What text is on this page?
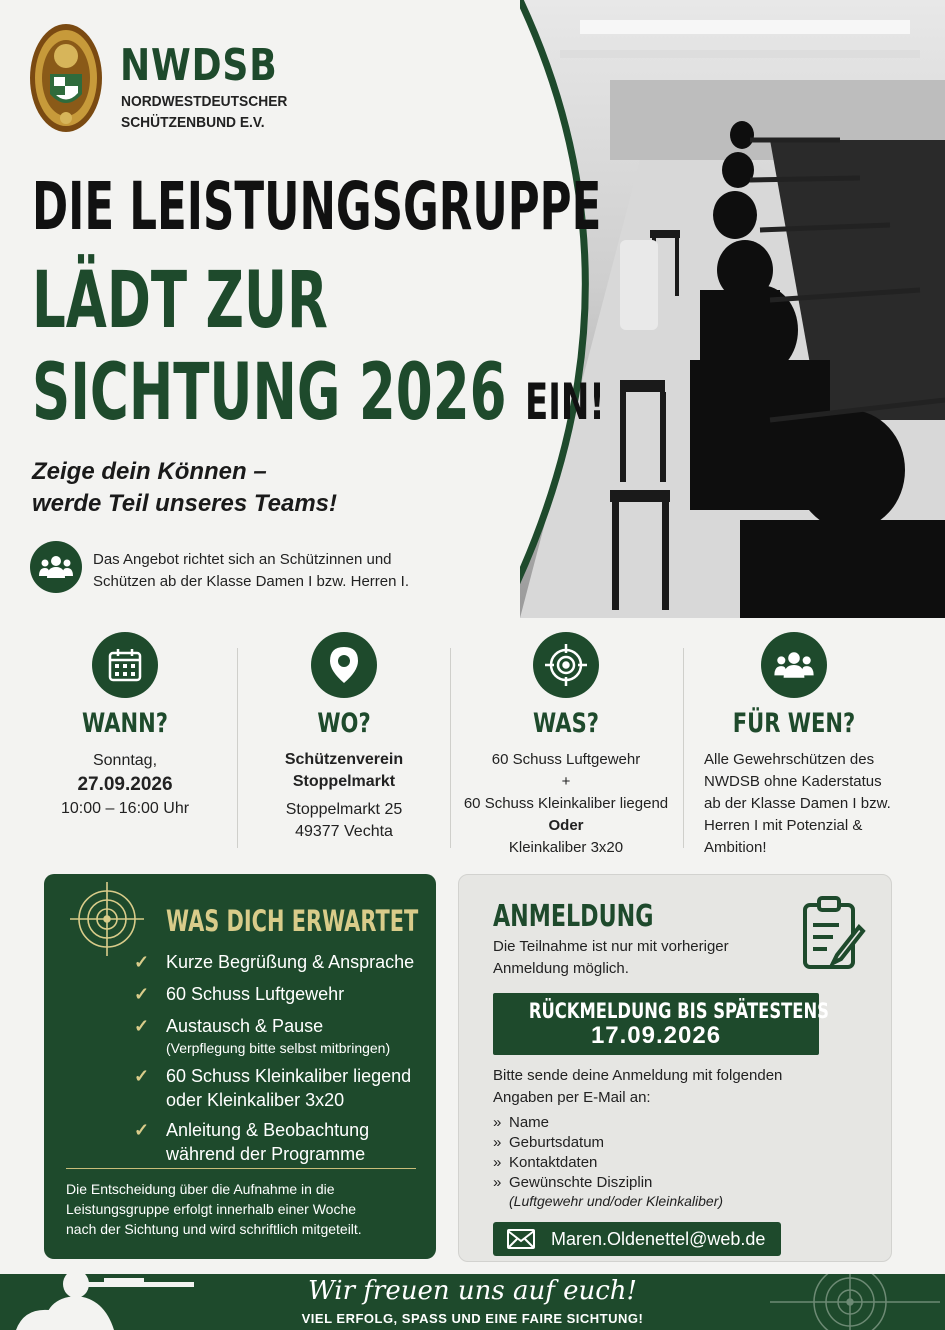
NWDSB
NORDWESTDEUTSCHER
SCHÜTZENBUND E.V.
DIE LEISTUNGSGRUPPE
LÄDT ZUR
SICHTUNG 2026 EIN!
Zeige dein Können –
werde Teil unseres Teams!
Das Angebot richtet sich an Schützinnen und
Schützen ab der Klasse Damen I bzw. Herren I.
WANN?
Sonntag,
27.09.2026
10:00 – 16:00 Uhr
WO?
Schützenverein
Stoppelmarkt
Stoppelmarkt 25
49377 Vechta
WAS?
60 Schuss Luftgewehr
+
60 Schuss Kleinkaliber liegend
Oder
Kleinkaliber 3x20
FÜR WEN?
Alle Gewehrschützen des
NWDSB ohne Kaderstatus
ab der Klasse Damen I bzw.
Herren I mit Potenzial &
Ambition!
WAS DICH ERWARTET
✓ Kurze Begrüßung & Ansprache
✓ 60 Schuss Luftgewehr
✓ Austausch & Pause
(Verpflegung bitte selbst mitbringen)
✓ 60 Schuss Kleinkaliber liegend
oder Kleinkaliber 3x20
✓ Anleitung & Beobachtung
während der Programme
Die Entscheidung über die Aufnahme in die
Leistungsgruppe erfolgt innerhalb einer Woche
nach der Sichtung und wird schriftlich mitgeteilt.
ANMELDUNG
Die Teilnahme ist nur mit vorheriger
Anmeldung möglich.
RÜCKMELDUNG BIS SPÄTESTENS
17.09.2026
Bitte sende deine Anmeldung mit folgenden
Angaben per E-Mail an:
» Name
» Geburtsdatum
» Kontaktdaten
» Gewünschte Disziplin
(Luftgewehr und/oder Kleinkaliber)
Maren.Oldenettel@web.de
Wir freuen uns auf euch!
VIEL ERFOLG, SPASS UND EINE FAIRE SICHTUNG!
